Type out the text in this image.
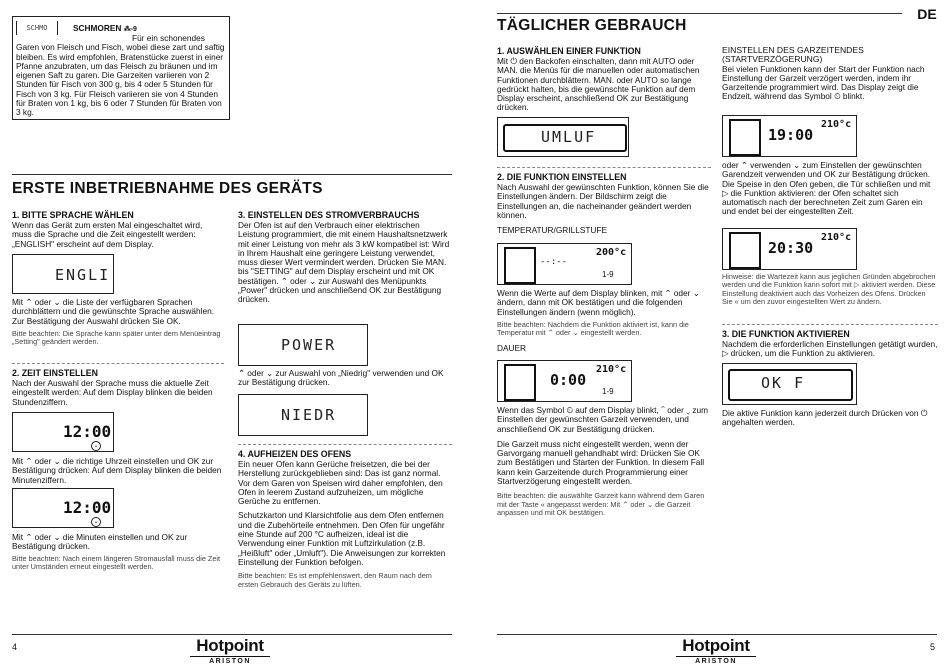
SCHMO	SCHMOREN ⁂-9

Für ein schonendes Garen von Fleisch und Fisch, wobei diese zart und saftig bleiben. Es wird empfohlen, Bratenstücke zuerst in einer Pfanne anzubraten, um das Fleisch zu bräunen und im eigenen Saft zu garen. Die Garzeiten variieren von 2 Stunden für Fisch von 300 g, bis 4 oder 5 Stunden für Fisch von 3 kg. Für Fleisch variieren sie von 4 Stunden für Braten von 1 kg, bis 6 oder 7 Stunden für Braten von 3 kg.

ERSTE INBETRIEBNAHME DES GERÄTS

1. BITTE SPRACHE WÄHLEN

Wenn das Gerät zum ersten Mal eingeschaltet wird, muss die Sprache und die Zeit eingestellt werden: „ENGLISH" erscheint auf dem Display.

ENGLI

Mit ⌃ oder ⌄ die Liste der verfügbaren Sprachen durchblättern und die gewünschte Sprache auswählen. Zur Bestätigung der Auswahl drücken Sie OK.

Bitte beachten: Die Sprache kann später unter dem Menüeintrag „Setting" geändert werden.

2. ZEIT EINSTELLEN

Nach der Auswahl der Sprache muss die aktuelle Zeit eingestellt werden: Auf dem Display blinken die beiden Stundenziffern.

12:00
⌄

Mit ⌃ oder ⌄ die richtige Uhrzeit einstellen und OK zur Bestätigung drücken: Auf dem Display blinken die beiden Minutenziffern.

12:00
⌄

Mit ⌃ oder ⌄ die Minuten einstellen und OK zur Bestätigung drücken.

Bitte beachten: Nach einem längeren Stromausfall muss die Zeit unter Umständen erneut eingestellt werden.

3. EINSTELLEN DES STROMVERBRAUCHS

Der Ofen ist auf den Verbrauch einer elektrischen Leistung programmiert, die mit einem Haushaltsnetzwerk mit einer Leistung von mehr als 3 kW kompatibel ist: Wird in Ihrem Haushalt eine geringere Leistung verwendet, muss dieser Wert vermindert werden. Drücken Sie MAN. bis "SETTING" auf dem Display erscheint und mit OK bestätigen. ⌃ oder ⌄ zur Auswahl des Menüpunkts „Power" drücken und anschließend OK zur Bestätigung drücken.

POWER

⌃ oder ⌄ zur Auswahl von „Niedrig" verwenden und OK zur Bestätigung drücken.

NIEDR

4. AUFHEIZEN DES OFENS

Ein neuer Ofen kann Gerüche freisetzen, die bei der Herstellung zurückgeblieben sind: Das ist ganz normal. Vor dem Garen von Speisen wird daher empfohlen, den Ofen in leerem Zustand aufzuheizen, um mögliche Gerüche zu entfernen.

Schutzkarton und Klarsichtfolie aus dem Ofen entfernen und die Zubehörteile entnehmen. Den Ofen für ungefähr eine Stunde auf 200 °C aufheizen, ideal ist die Verwendung einer Funktion mit Luftzirkulation (z.B. „Heißluft" oder „Umluft"). Die Anweisungen zur korrekten Einstellung der Funktion befolgen.

Bitte beachten: Es ist empfehlenswert, den Raum nach dem ersten Gebrauch des Geräts zu lüften.

4	Hotpoint
ARISTON
DE
TÄGLICHER GEBRAUCH

1. AUSWÄHLEN EINER FUNKTION

Mit ⏻ den Backofen einschalten, dann mit AUTO oder MAN. die Menüs für die manuellen oder automatischen Funktionen durchblättern. MAN. oder AUTO so lange gedrückt halten, bis die gewünschte Funktion auf dem Display erscheint, anschließend OK zur Bestätigung drücken.

UMLUF

2. DIE FUNKTION EINSTELLEN

Nach Auswahl der gewünschten Funktion, können Sie die Einstellungen ändern. Der Bildschirm zeigt die Einstellungen an, die nacheinander geändert werden können.

TEMPERATUR/GRILLSTUFE

--:--
200°c
1-9

Wenn die Werte auf dem Display blinken, mit ⌃ oder ⌄ ändern, dann mit OK bestätigen und die folgenden Einstellungen ändern (wenn möglich).

Bitte beachten: Nachdem die Funktion aktiviert ist, kann die Temperatur mit ⌃ oder ⌄ eingestellt werden.

DAUER

0:00
210°c
1-9

Wenn das Symbol ⏲ auf dem Display blinkt, ⌃ oder ⌄ zum Einstellen der gewünschten Garzeit verwenden, und anschließend OK zur Bestätigung drücken.

Die Garzeit muss nicht eingestellt werden, wenn der Garvorgang manuell gehandhabt wird: Drücken Sie OK zum Bestätigen und Starten der Funktion. In diesem Fall kann kein Garzeitende durch Programmierung einer Startverzögerung eingestellt werden.

Bitte beachten: die auswählte Garzeit kann während dem Garen mit der Taste « angepasst werden: Mit ⌃ oder ⌄ die Garzeit anpassen und mit OK bestätigen.

EINSTELLEN DES GARZEITENDES (STARTVERZÖGERUNG)

Bei vielen Funktionen kann der Start der Funktion nach Einstellung der Garzeit verzögert werden, indem ihr Garzeitende programmiert wird. Das Display zeigt die Endzeit, während das Symbol ⏲ blinkt.

19:00
210°c

oder ⌃ verwenden ⌄ zum Einstellen der gewünschten Garendzeit verwenden und OK zur Bestätigung drücken. Die Speise in den Ofen geben, die Tür schließen und mit ▷ die Funktion aktivieren: der Ofen schaltet sich automatisch nach der berechneten Zeit zum Garen ein und endet bei der eingestellten Zeit.

20:30
210°c

Hinweise: die Wartezeit kann aus jeglichen Gründen abgebrochen werden und die Funktion kann sofort mit ▷ aktiviert werden. Diese Einstellung deaktiviert auch das Vorheizen des Ofens. Drücken Sie « um den zuvor eingestellten Wert zu ändern.

3. DIE FUNKTION AKTIVIEREN

Nachdem die erforderlichen Einstellungen getätigt wurden, ▷ drücken, um die Funktion zu aktivieren.

OK F

Die aktive Funktion kann jederzeit durch Drücken von ⏻ angehalten werden.

5
Hotpoint
ARISTON
